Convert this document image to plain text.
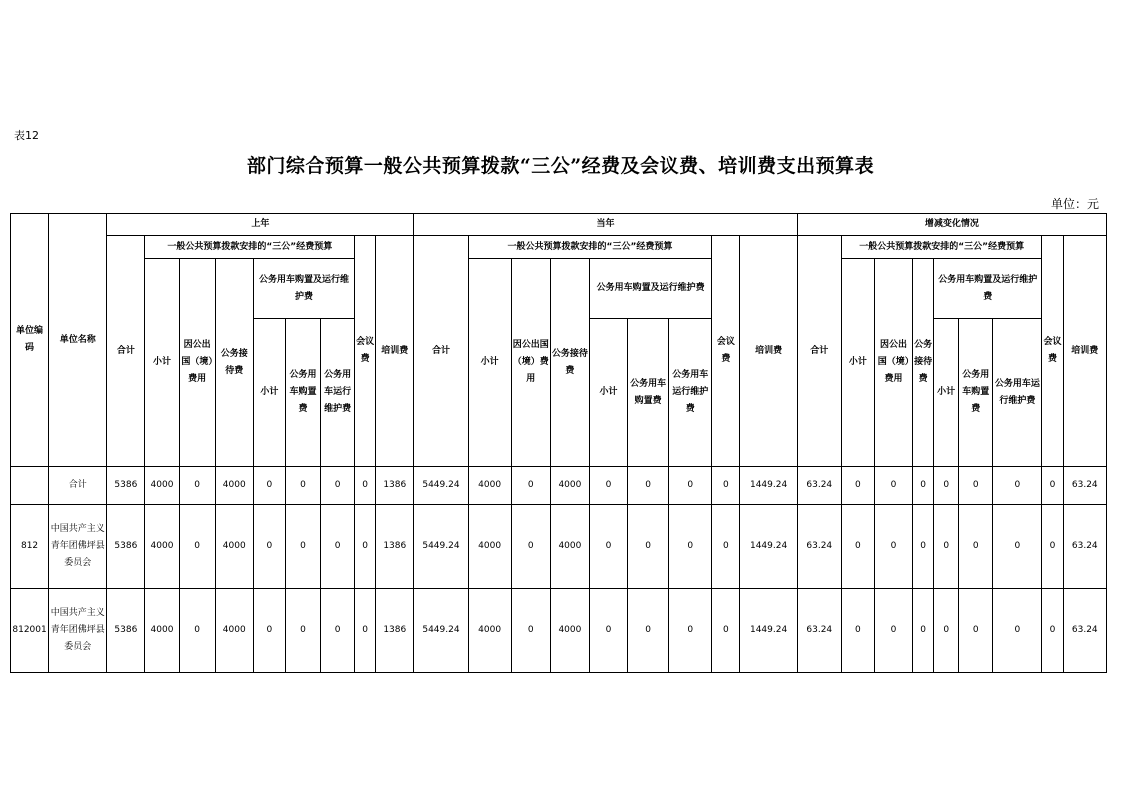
表12
部门综合预算一般公共预算拨款“三公”经费及会议费、培训费支出预算表
单位：元
单位编码	单位名称	上年									当年									增减变化情况								
		合计	一般公共预算拨款安排的“三公”经费预算						会议费	培训费	合计	一般公共预算拨款安排的“三公”经费预算						会议费	培训费	合计	一般公共预算拨款安排的“三公”经费预算						会议费	培训费
			小计	因公出国（境）费用	公务接待费	公务用车购置及运行维护费						小计	因公出国（境）费用	公务接待费	公务用车购置及运行维护费						小计	因公出国（境）费用	公务接待费	公务用车购置及运行维护费				
						小计	公务用车购置费	公务用车运行维护费							小计	公务用车购置费	公务用车运行维护费							小计	公务用车购置费	公务用车运行维护费		

	合计	5386	4000	0	4000	0	0	0	0	1386	5449.24	4000	0	4000	0	0	0	0	1449.24	63.24	0	0	0	0	0	0	0	63.24
812	中国共产主义青年团佛坪县委员会	5386	4000	0	4000	0	0	0	0	1386	5449.24	4000	0	4000	0	0	0	0	1449.24	63.24	0	0	0	0	0	0	0	63.24
812001	中国共产主义青年团佛坪县委员会	5386	4000	0	4000	0	0	0	0	1386	5449.24	4000	0	4000	0	0	0	0	1449.24	63.24	0	0	0	0	0	0	0	63.24
